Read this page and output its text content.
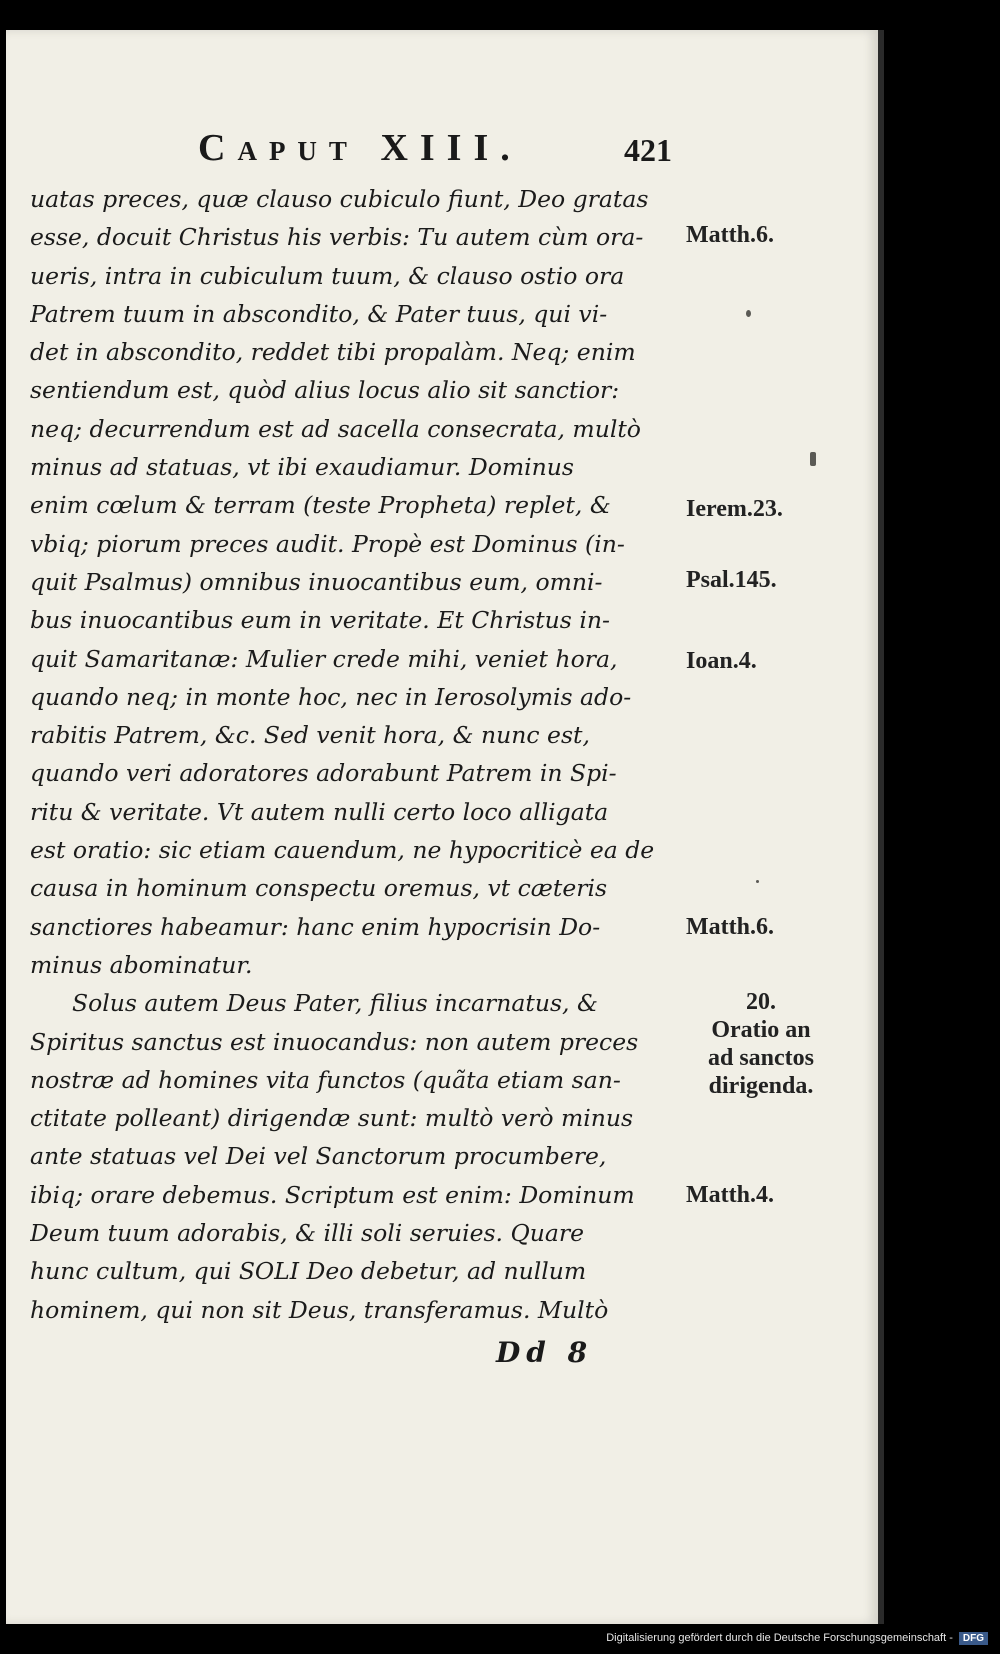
Caput XIII.	421
uatas preces, quæ clauso cubiculo fiunt, Deo gratas
esse, docuit Christus his verbis: Tu autem cùm ora-
ueris, intra in cubiculum tuum, & clauso ostio ora
Patrem tuum in abscondito, & Pater tuus, qui vi-
det in abscondito, reddet tibi propalàm. Neq; enim
sentiendum est, quòd alius locus alio sit sanctior:
neq; decurrendum est ad sacella consecrata, multò
minus ad statuas, vt ibi exaudiamur. Dominus
enim cœlum & terram (teste Propheta) replet, &
vbiq; piorum preces audit. Propè est Dominus (in-
quit Psalmus) omnibus inuocantibus eum, omni-
bus inuocantibus eum in veritate. Et Christus in-
quit Samaritanæ: Mulier crede mihi, veniet hora,
quando neq; in monte hoc, nec in Ierosolymis ado-
rabitis Patrem, &c. Sed venit hora, & nunc est,
quando veri adoratores adorabunt Patrem in Spi-
ritu & veritate. Vt autem nulli certo loco alligata
est oratio: sic etiam cauendum, ne hypocriticè ea de
causa in hominum conspectu oremus, vt cæteris
sanctiores habeamur: hanc enim hypocrisin Do-
minus abominatur.
Solus autem Deus Pater, filius incarnatus, &
Spiritus sanctus est inuocandus: non autem preces
nostræ ad homines vita functos (quãta etiam san-
ctitate polleant) dirigendæ sunt: multò verò minus
ante statuas vel Dei vel Sanctorum procumbere,
ibiq; orare debemus. Scriptum est enim: Dominum
Deum tuum adorabis, & illi soli seruies. Quare
hunc cultum, qui SOLI Deo debetur, ad nullum
hominem, qui non sit Deus, transferamus. Multò
Matth.6.
Ierem.23.
Psal.145.
Ioan.4.
Matth.6.
20.
Oratio an
ad sanctos
dirigenda.
Matth.4.
Dd 8
Digitalisierung gefördert durch die Deutsche Forschungsgemeinschaft -	DFG
